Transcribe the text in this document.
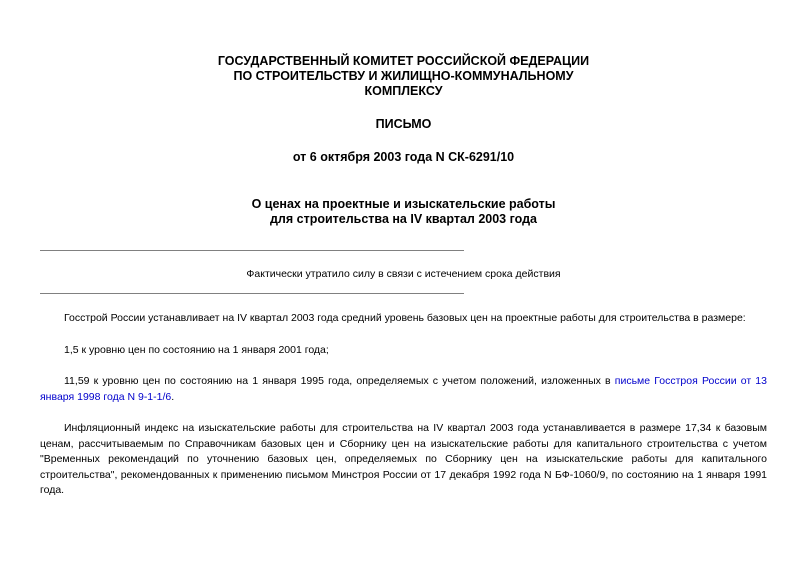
ГОСУДАРСТВЕННЫЙ КОМИТЕТ РОССИЙСКОЙ ФЕДЕРАЦИИ
ПО СТРОИТЕЛЬСТВУ И ЖИЛИЩНО-КОММУНАЛЬНОМУ
КОМПЛЕКСУ
ПИСЬМО
от 6 октября 2003 года N СК-6291/10
О ценах на проектные и изыскательские работы
для строительства на IV квартал 2003 года
Фактически утратило силу в связи с истечением срока действия

Госстрой России устанавливает на IV квартал 2003 года средний уровень базовых цен на проектные работы для строительства в размере:

1,5 к уровню цен по состоянию на 1 января 2001 года;

11,59 к уровню цен по состоянию на 1 января 1995 года, определяемых с учетом положений, изложенных в письме Госстроя России от 13 января 1998 года N 9-1-1/6.

Инфляционный индекс на изыскательские работы для строительства на IV квартал 2003 года устанавливается в размере 17,34 к базовым ценам, рассчитываемым по Справочникам базовых цен и Сборнику цен на изыскательские работы для капитального строительства с учетом "Временных рекомендаций по уточнению базовых цен, определяемых по Сборнику цен на изыскательские работы для капитального строительства", рекомендованных к применению письмом Минстроя России от 17 декабря 1992 года N БФ-1060/9, по состоянию на 1 января 1991 года.
